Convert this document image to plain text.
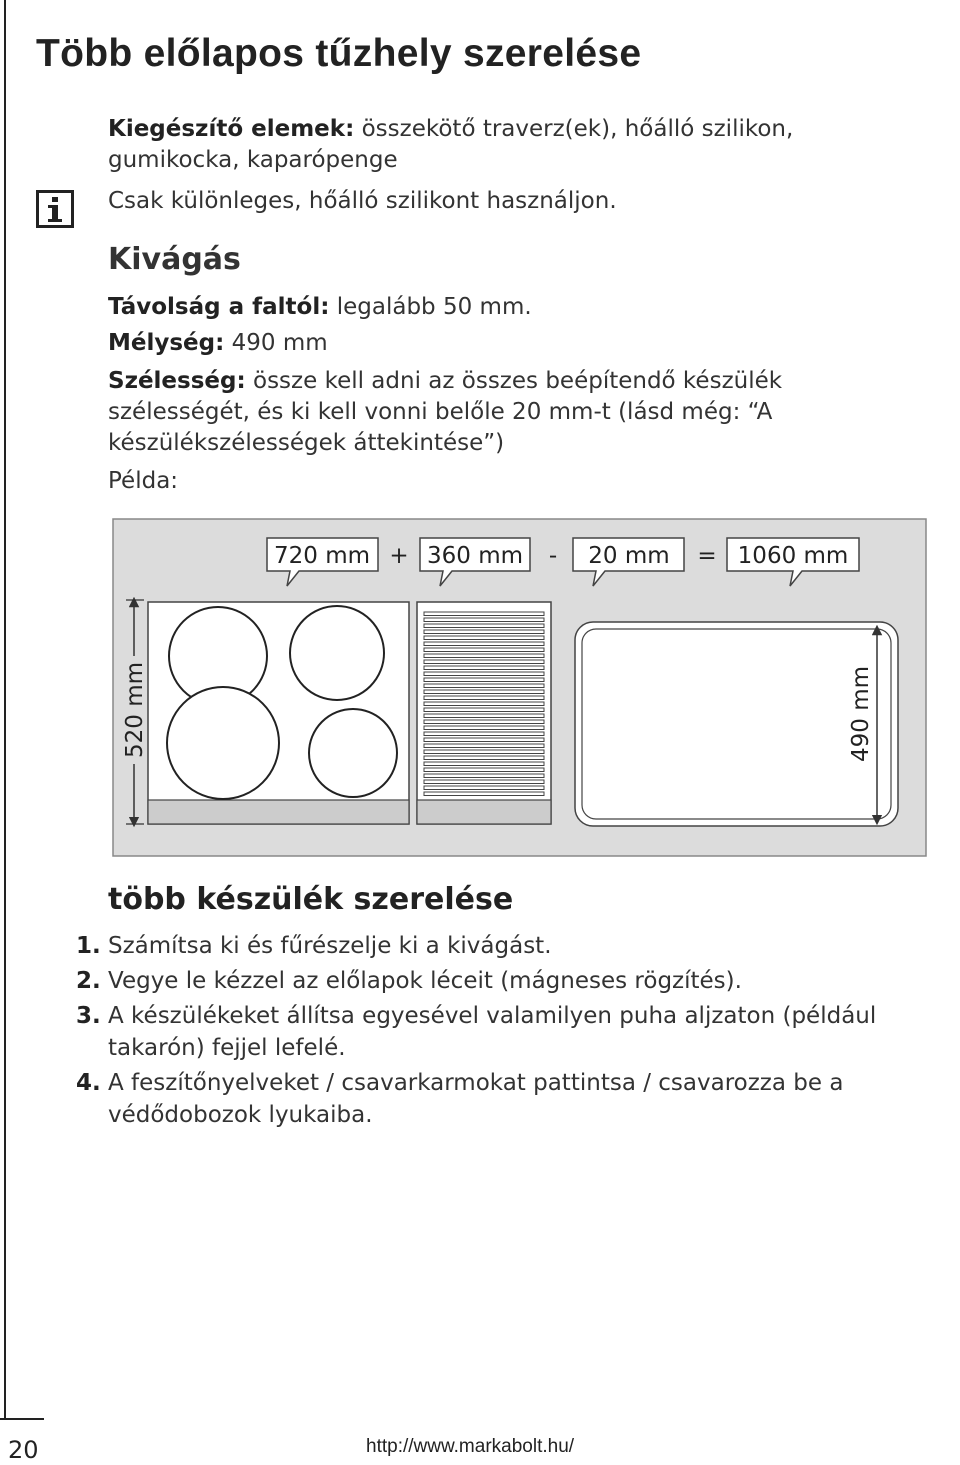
Több előlapos tűzhely szerelése

Kiegészítő elemek: összekötő traverz(ek), hőálló szilikon, gumikocka, kaparópenge

Csak különleges, hőálló szilikont használjon.

Kivágás

Távolság a faltól: legalább 50 mm.

Mélység: 490 mm

Szélesség: össze kell adni az összes beépítendő készülék szélességét, és ki kell vonni belőle 20 mm-t (lásd még: “A készülékszélességek áttekintése”)

Példa:

720 mm + 360 mm - 20 mm = 1060 mm
520 mm	490 mm
több készülék szerelése
1. Számítsa ki és fűrészelje ki a kivágást.
2. Vegye le kézzel az előlapok léceit (mágneses rögzítés).
3. A készülékeket állítsa egyesével valamilyen puha aljzaton (például takarón) fejjel lefelé.
4. A feszítőnyelveket / csavarkarmokat pattintsa / csavarozza be a védődobozok lyukaiba.
20	http://www.markabolt.hu/
